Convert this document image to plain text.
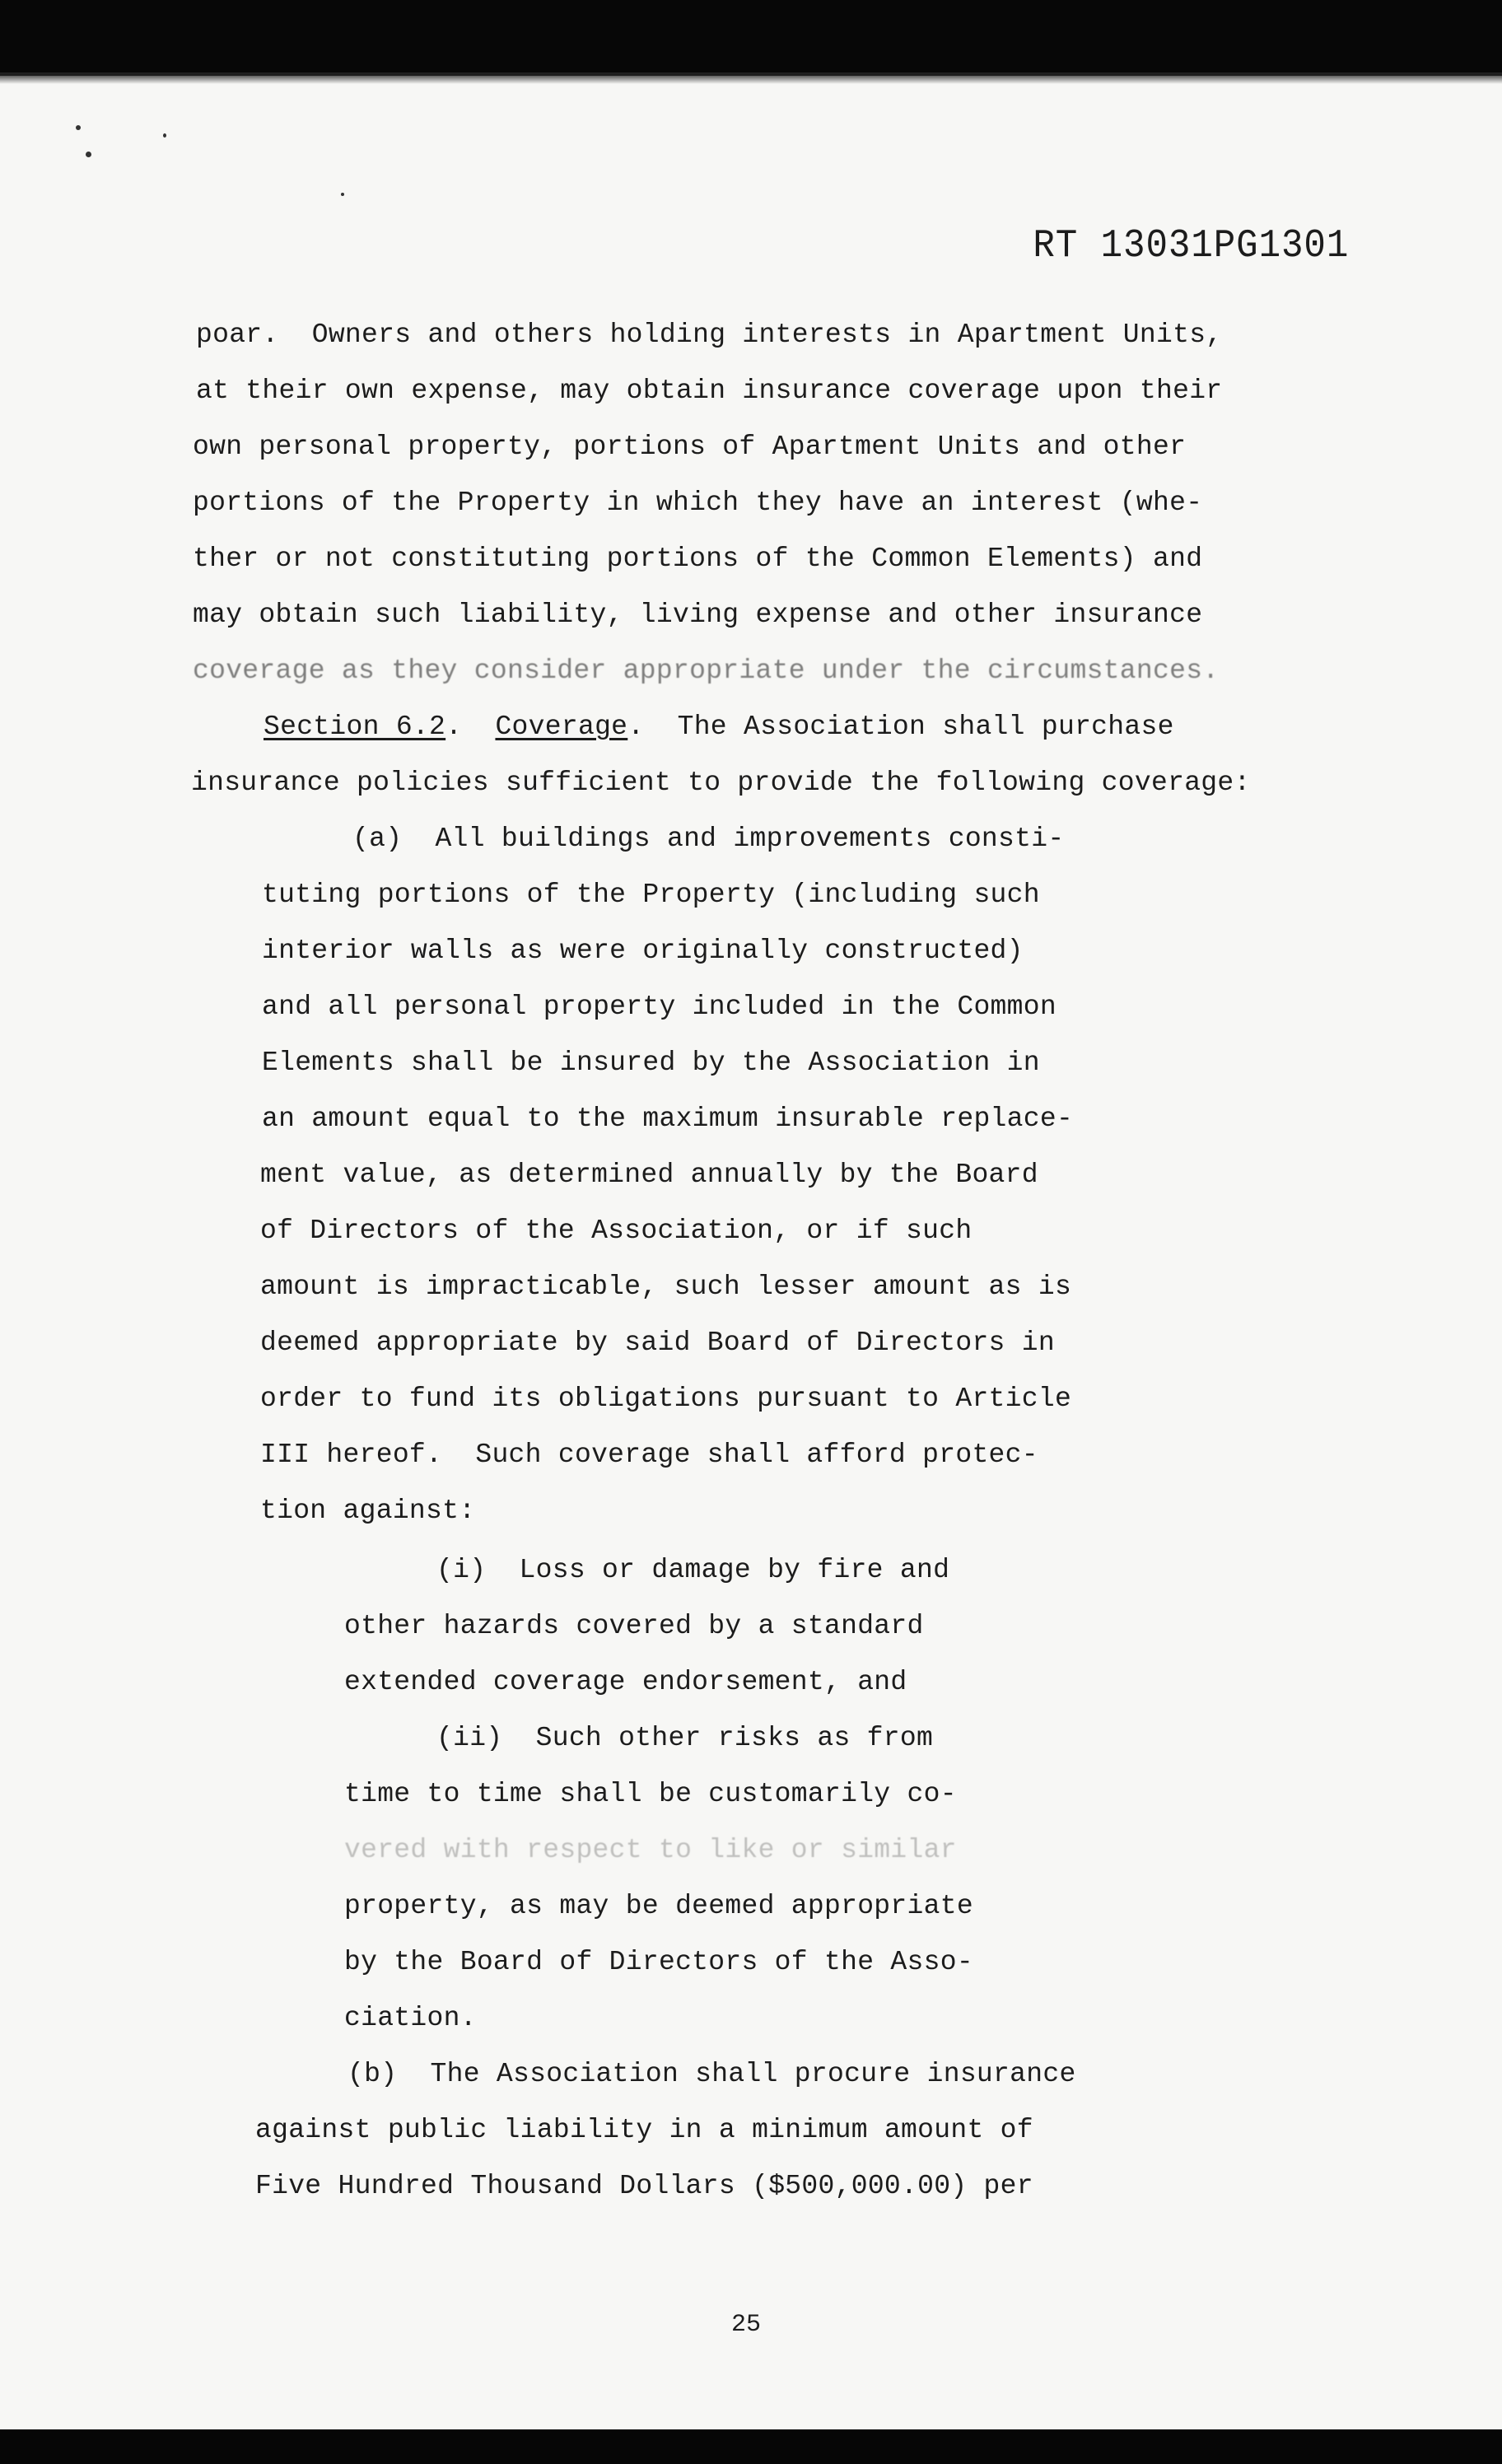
RT 13031PG1301

poar.  Owners and others holding interests in Apartment Units,

at their own expense, may obtain insurance coverage upon their

own personal property, portions of Apartment Units and other

portions of the Property in which they have an interest (whe-

ther or not constituting portions of the Common Elements) and

may obtain such liability, living expense and other insurance

coverage as they consider appropriate under the circumstances.

Section 6.2.  Coverage.  The Association shall purchase

insurance policies sufficient to provide the following coverage:

(a)  All buildings and improvements consti-

tuting portions of the Property (including such

interior walls as were originally constructed)

and all personal property included in the Common

Elements shall be insured by the Association in

an amount equal to the maximum insurable replace-

ment value, as determined annually by the Board

of Directors of the Association, or if such

amount is impracticable, such lesser amount as is

deemed appropriate by said Board of Directors in

order to fund its obligations pursuant to Article

III hereof.  Such coverage shall afford protec-

tion against:

(i)  Loss or damage by fire and

other hazards covered by a standard

extended coverage endorsement, and

(ii)  Such other risks as from

time to time shall be customarily co-

vered with respect to like or similar

property, as may be deemed appropriate

by the Board of Directors of the Asso-

ciation.

(b)  The Association shall procure insurance

against public liability in a minimum amount of

Five Hundred Thousand Dollars ($500,000.00) per

25
